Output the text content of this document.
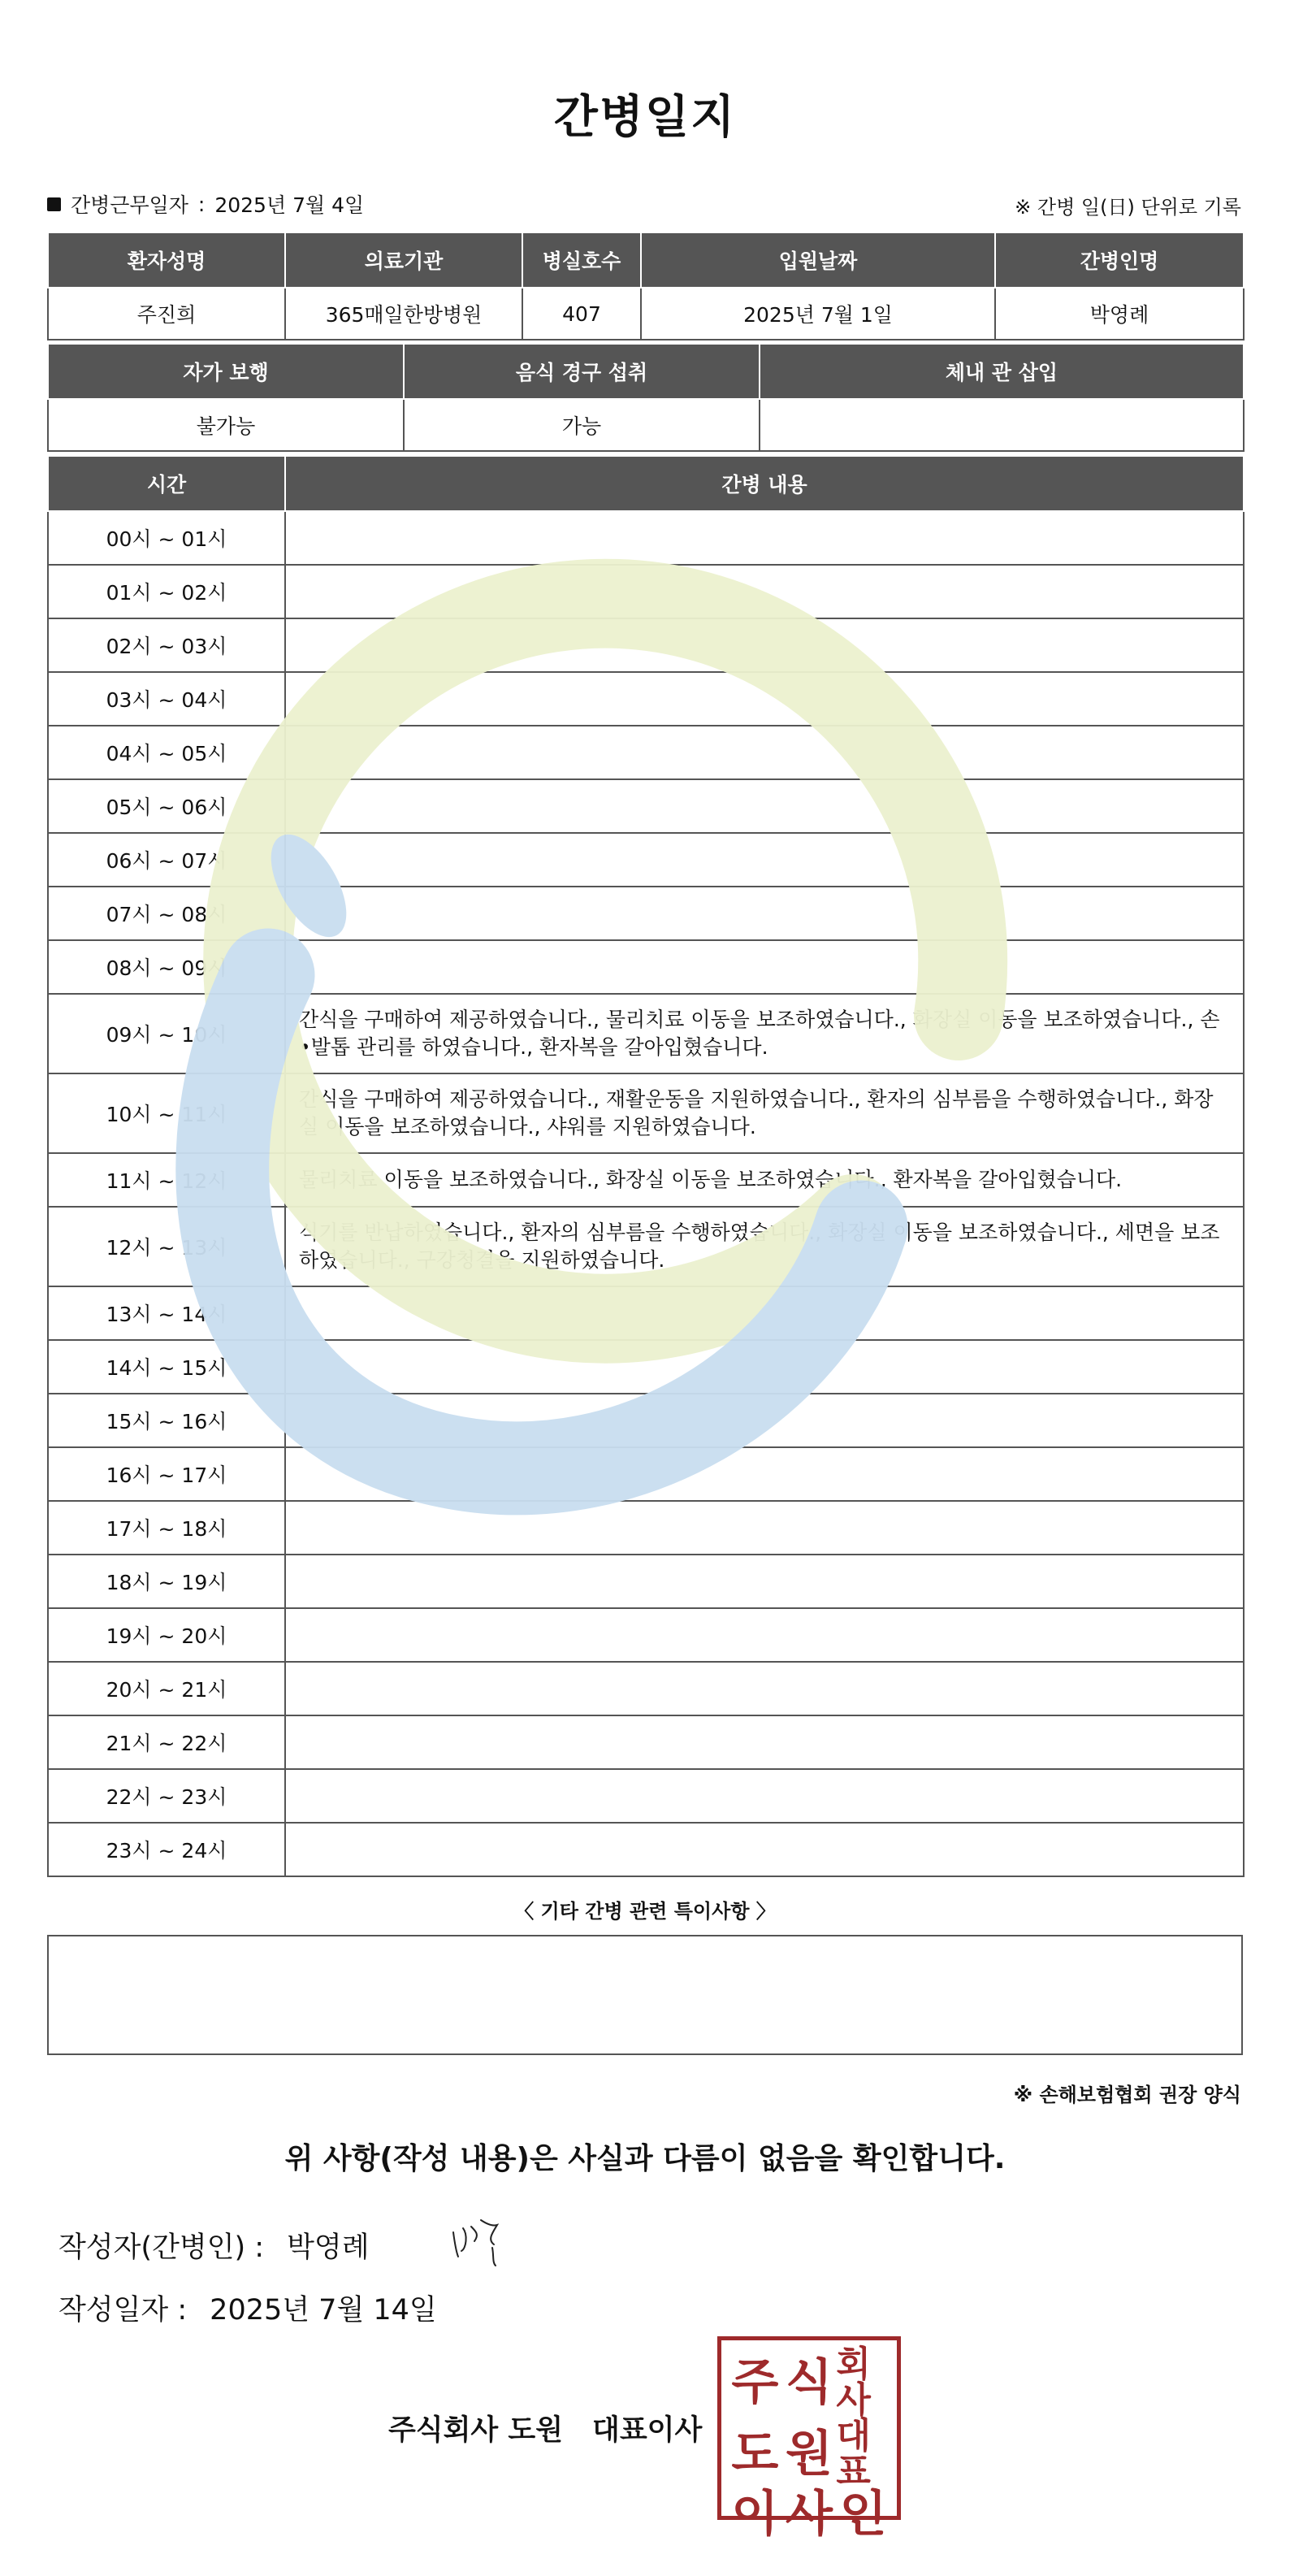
간병일지
간병근무일자 : 2025년 7월 4일	※ 간병 일(日) 단위로 기록
환자성명	의료기관	병실호수	입원날짜	간병인명
주진희	365매일한방병원	407	2025년 7월 1일	박영례
자가 보행	음식 경구 섭취	체내 관 삽입
불가능	가능	
시간	간병 내용
00시 ~ 01시	
01시 ~ 02시	
02시 ~ 03시	
03시 ~ 04시	
04시 ~ 05시	
05시 ~ 06시	
06시 ~ 07시	
07시 ~ 08시	
08시 ~ 09시	
09시 ~ 10시	간식을 구매하여 제공하였습니다., 물리치료 이동을 보조하였습니다., 화장실 이동을 보조하였습니다., 손•발톱 관리를 하였습니다., 환자복을 갈아입혔습니다.
10시 ~ 11시	간식을 구매하여 제공하였습니다., 재활운동을 지원하였습니다., 환자의 심부름을 수행하였습니다., 화장실 이동을 보조하였습니다., 샤워를 지원하였습니다.
11시 ~ 12시	물리치료 이동을 보조하였습니다., 화장실 이동을 보조하였습니다., 환자복을 갈아입혔습니다.
12시 ~ 13시	식기를 반납하였습니다., 환자의 심부름을 수행하였습니다., 화장실 이동을 보조하였습니다., 세면을 보조하였습니다., 구강청결을 지원하였습니다.
13시 ~ 14시	
14시 ~ 15시	
15시 ~ 16시	
16시 ~ 17시	
17시 ~ 18시	
18시 ~ 19시	
19시 ~ 20시	
20시 ~ 21시	
21시 ~ 22시	
22시 ~ 23시	
23시 ~ 24시	
〈 기타 간병 관련 특이사항 〉
※ 손해보험협회 권장 양식
위 사항(작성 내용)은 사실과 다름이 없음을 확인합니다.
작성자(간병인) : 박영례
작성일자 : 2025년 7월 14일
주식회사 도원 대표이사
주 식 회사
도 원 대표
이 사 인
